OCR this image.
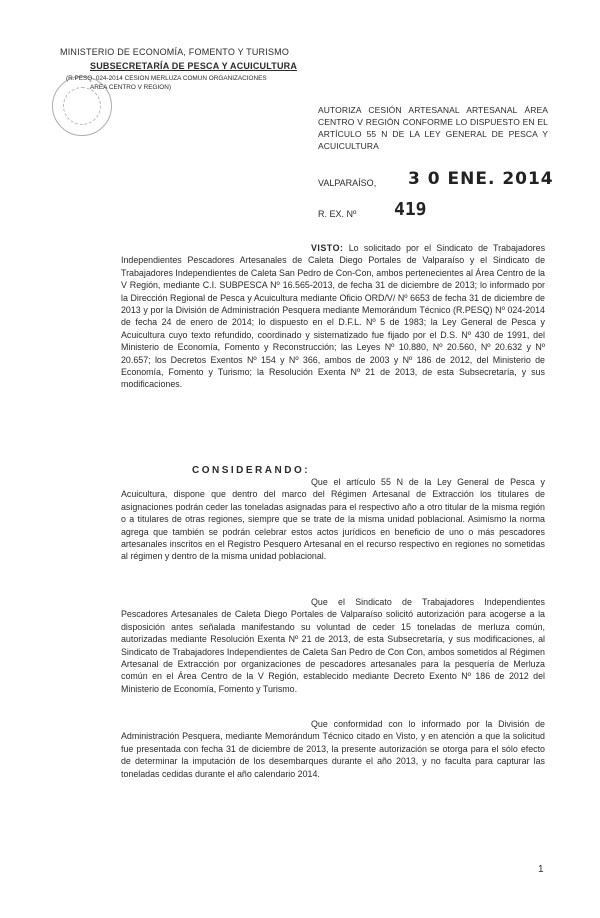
MINISTERIO DE ECONOMÍA, FOMENTO Y TURISMO
SUBSECRETARÍA DE PESCA Y ACUICULTURA
(R.PESQ. 024-2014 CESION MERLUZA COMUN ORGANIZACIONES
AREA CENTRO V REGION)
AUTORIZA CESIÓN ARTESANAL ARTESANAL ÁREA CENTRO V REGIÓN CONFORME LO DISPUESTO EN EL ARTÍCULO 55 N DE LA LEY GENERAL DE PESCA Y ACUICULTURA
VALPARAÍSO, 3 0 ENE. 2014
R. EX. Nº 419
VISTO: Lo solicitado por el Sindicato de Trabajadores Independientes Pescadores Artesanales de Caleta Diego Portales de Valparaíso y el Sindicato de Trabajadores Independientes de Caleta San Pedro de Con-Con, ambos pertenecientes al Área Centro de la V Región, mediante C.I. SUBPESCA Nº 16.565-2013, de fecha 31 de diciembre de 2013; lo informado por la Dirección Regional de Pesca y Acuicultura mediante Oficio ORD/V/ Nº 6653 de fecha 31 de diciembre de 2013 y por la División de Administración Pesquera mediante Memorándum Técnico (R.PESQ) Nº 024-2014 de fecha 24 de enero de 2014; lo dispuesto en el D.F.L. Nº 5 de 1983; la Ley General de Pesca y Acuicultura cuyo texto refundido, coordinado y sistematizado fue fijado por el D.S. Nº 430 de 1991, del Ministerio de Economía, Fomento y Reconstrucción; las Leyes Nº 10.880, Nº 20.560, Nº 20.632 y Nº 20.657; los Decretos Exentos Nº 154 y Nº 366, ambos de 2003 y Nº 186 de 2012, del Ministerio de Economía, Fomento y Turismo; la Resolución Exenta Nº 21 de 2013, de esta Subsecretaría, y sus modificaciones.
CONSIDERANDO:
Que el artículo 55 N de la Ley General de Pesca y Acuicultura, dispone que dentro del marco del Régimen Artesanal de Extracción los titulares de asignaciones podrán ceder las toneladas asignadas para el respectivo año a otro titular de la misma región o a titulares de otras regiones, siempre que se trate de la misma unidad poblacional. Asimismo la norma agrega que también se podrán celebrar estos actos jurídicos en beneficio de uno o más pescadores artesanales inscritos en el Registro Pesquero Artesanal en el recurso respectivo en regiones no sometidas al régimen y dentro de la misma unidad poblacional.
Que el Sindicato de Trabajadores Independientes Pescadores Artesanales de Caleta Diego Portales de Valparaíso solicitó autorización para acogerse a la disposición antes señalada manifestando su voluntad de ceder 15 toneladas de merluza común, autorizadas mediante Resolución Exenta Nº 21 de 2013, de esta Subsecretaría, y sus modificaciones, al Sindicato de Trabajadores Independientes de Caleta San Pedro de Con Con, ambos sometidos al Régimen Artesanal de Extracción por organizaciones de pescadores artesanales para la pesquería de Merluza común en el Área Centro de la V Región, establecido mediante Decreto Exento Nº 186 de 2012 del Ministerio de Economía, Fomento y Turismo.
Que conformidad con lo informado por la División de Administración Pesquera, mediante Memorándum Técnico citado en Visto, y en atención a que la solicitud fue presentada con fecha 31 de diciembre de 2013, la presente autorización se otorga para el sólo efecto de determinar la imputación de los desembarques durante el año 2013, y no faculta para capturar las toneladas cedidas durante el año calendario 2014.
1
